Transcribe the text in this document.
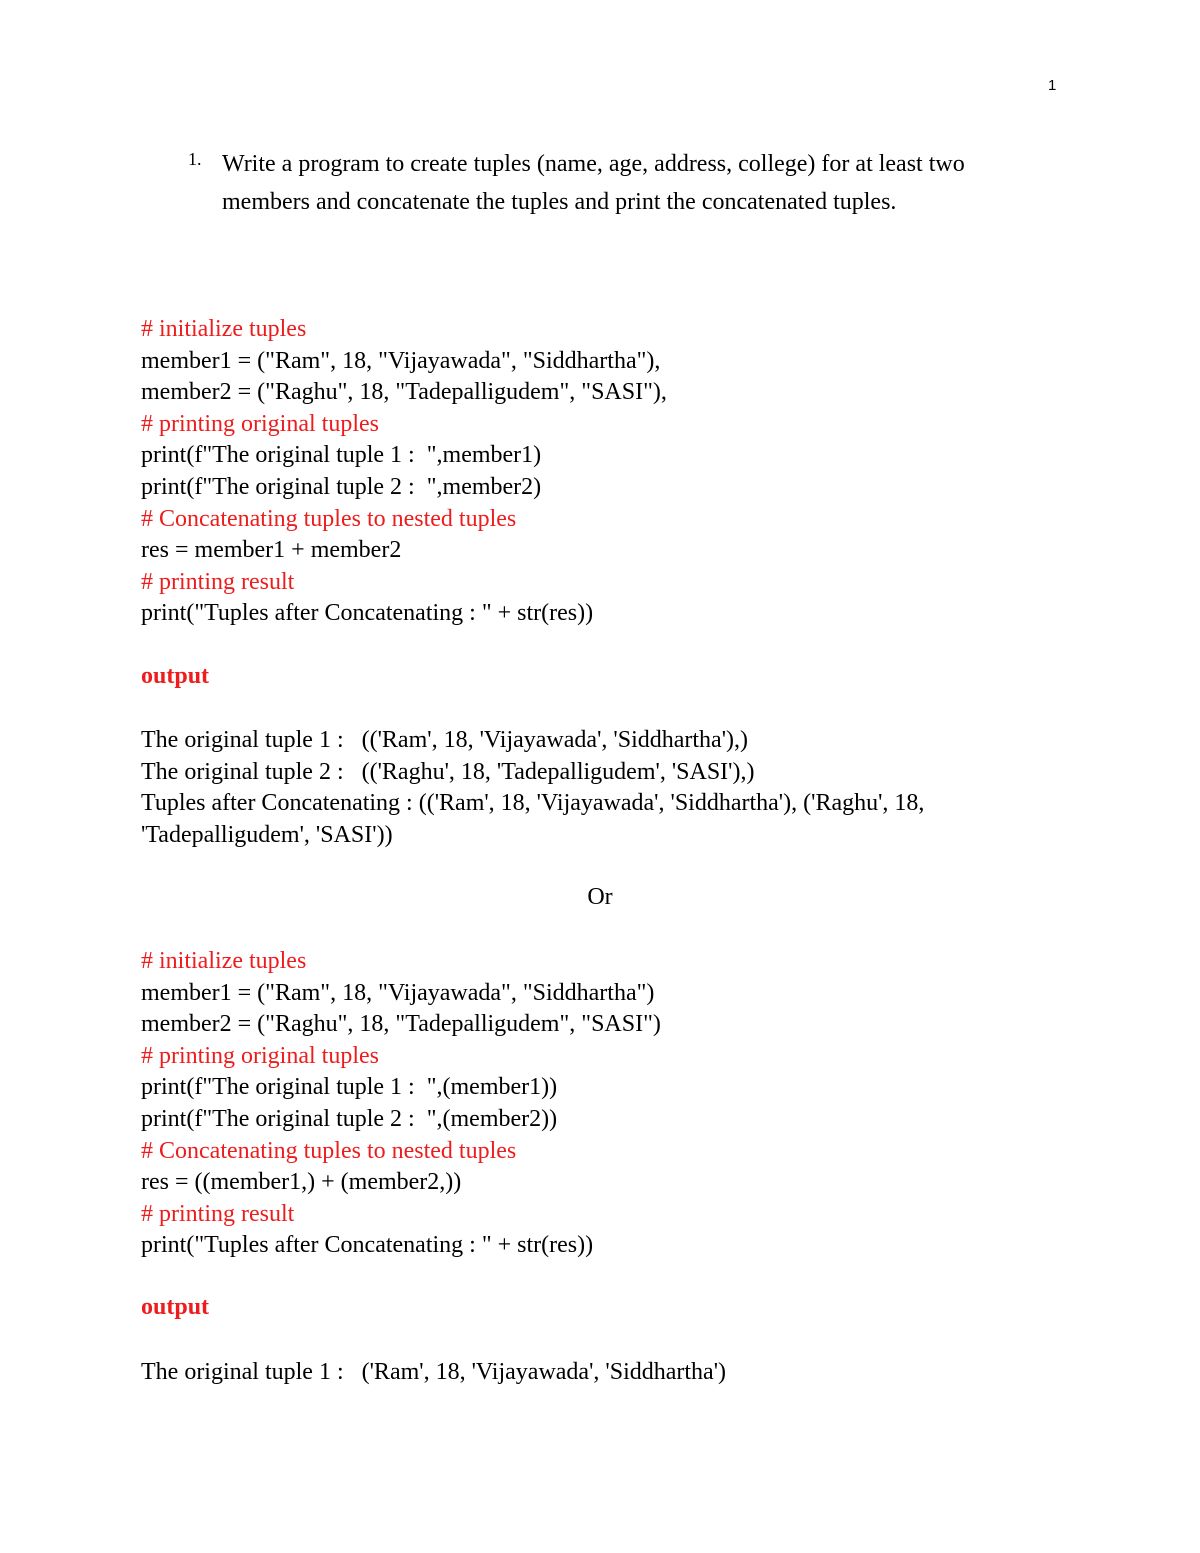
1
1. Write a program to create tuples (name, age, address, college) for at least two members and concatenate the tuples and print the concatenated tuples.
# initialize tuples
member1 = ("Ram", 18, "Vijayawada", "Siddhartha"),
member2 = ("Raghu", 18, "Tadepalligudem", "SASI"),
# printing original tuples
print(f"The original tuple 1 :  ",member1)
print(f"The original tuple 2 :  ",member2)
# Concatenating tuples to nested tuples
res = member1 + member2
# printing result
print("Tuples after Concatenating : " + str(res))
output
The original tuple 1 :   (('Ram', 18, 'Vijayawada', 'Siddhartha'),)
The original tuple 2 :   (('Raghu', 18, 'Tadepalligudem', 'SASI'),)
Tuples after Concatenating : (('Ram', 18, 'Vijayawada', 'Siddhartha'), ('Raghu', 18, 'Tadepalligudem', 'SASI'))
Or
# initialize tuples
member1 = ("Ram", 18, "Vijayawada", "Siddhartha")
member2 = ("Raghu", 18, "Tadepalligudem", "SASI")
# printing original tuples
print(f"The original tuple 1 :  ",(member1))
print(f"The original tuple 2 :  ",(member2))
# Concatenating tuples to nested tuples
res = ((member1,) + (member2,))
# printing result
print("Tuples after Concatenating : " + str(res))
output
The original tuple 1 :   ('Ram', 18, 'Vijayawada', 'Siddhartha')
